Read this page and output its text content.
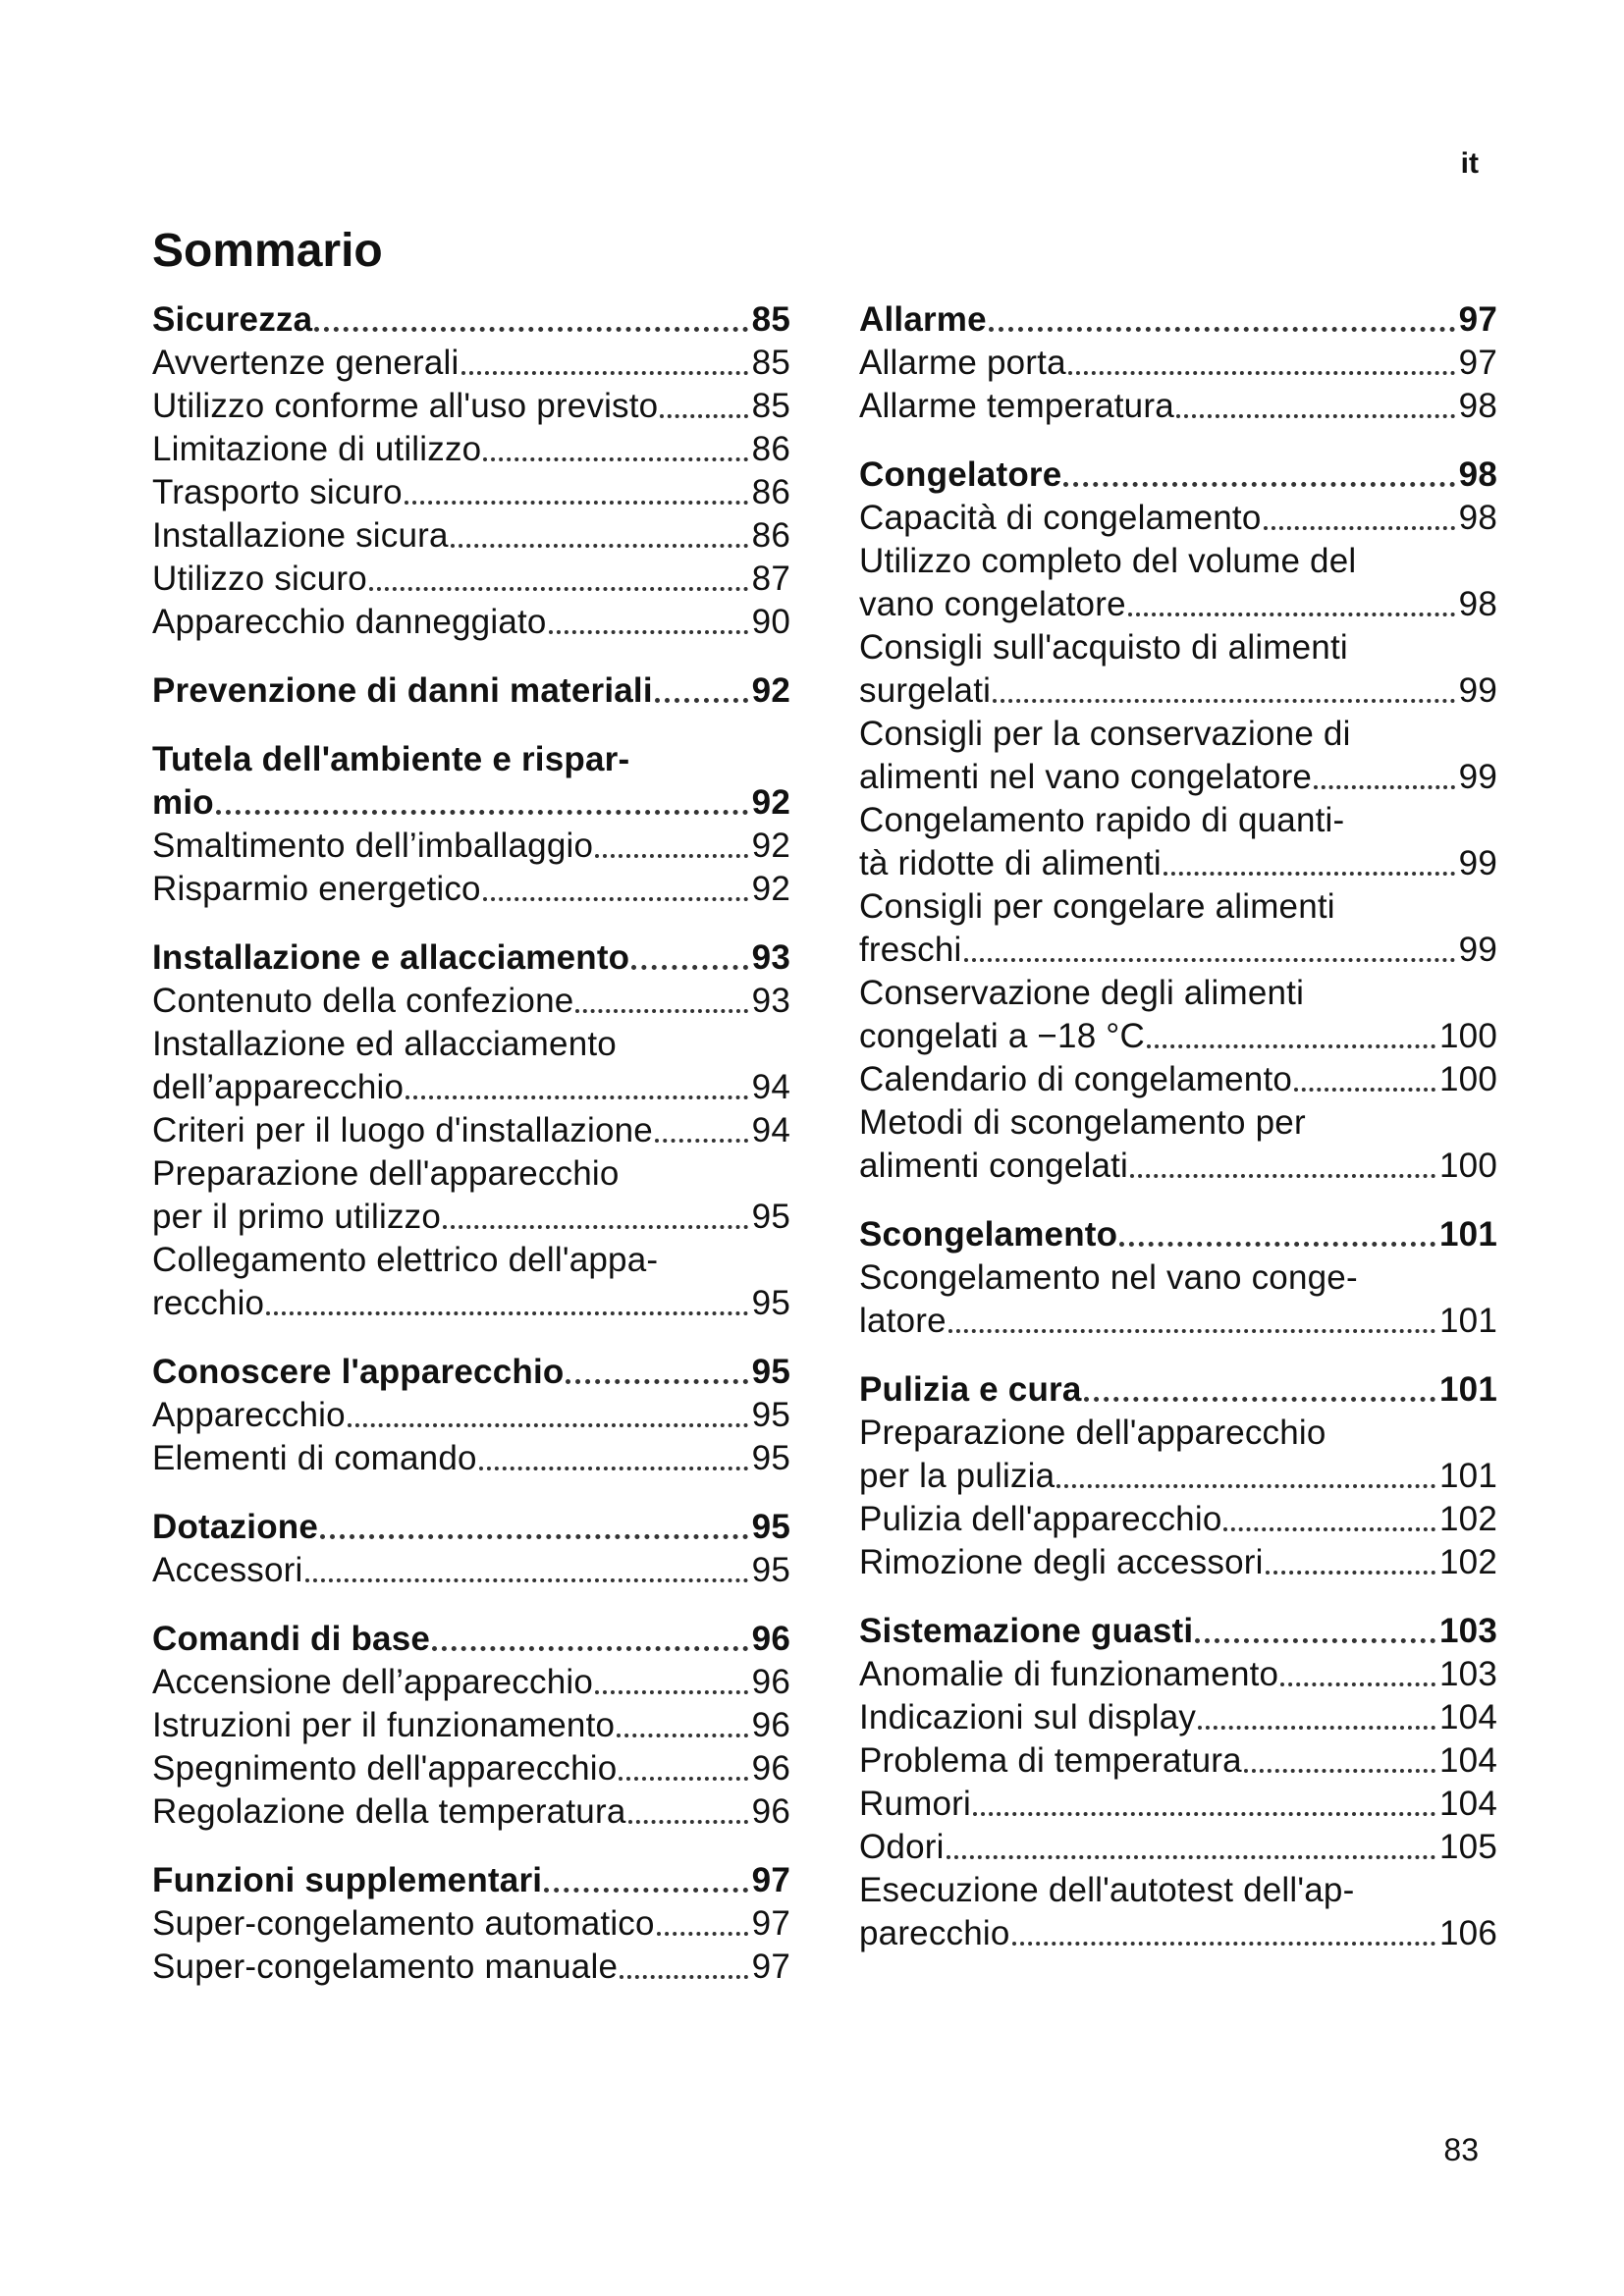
it
Sommario
Sicurezza	85
Avvertenze generali	85
Utilizzo conforme all'uso previsto	85
Limitazione di utilizzo	86
Trasporto sicuro	86
Installazione sicura	86
Utilizzo sicuro	87
Apparecchio danneggiato	90
Prevenzione di danni materiali	92
Tutela dell'ambiente e rispar-
mio	92
Smaltimento dell’imballaggio	92
Risparmio energetico	92
Installazione e allacciamento	93
Contenuto della confezione	93
Installazione ed allacciamento
dell’apparecchio	94
Criteri per il luogo d'installazione	94
Preparazione dell'apparecchio
per il primo utilizzo	95
Collegamento elettrico dell'appa-
recchio	95
Conoscere l'apparecchio	95
Apparecchio	95
Elementi di comando	95
Dotazione	95
Accessori	95
Comandi di base	96
Accensione dell’apparecchio	96
Istruzioni per il funzionamento	96
Spegnimento dell'apparecchio	96
Regolazione della temperatura	96
Funzioni supplementari	97
Super-congelamento automatico	97
Super-congelamento manuale	97
Allarme	97
Allarme porta	97
Allarme temperatura	98
Congelatore	98
Capacità di congelamento	98
Utilizzo completo del volume del
vano congelatore	98
Consigli sull'acquisto di alimenti
surgelati	99
Consigli per la conservazione di
alimenti nel vano congelatore	99
Congelamento rapido di quanti-
tà ridotte di alimenti	99
Consigli per congelare alimenti
freschi	99
Conservazione degli alimenti
congelati a −18 °C	100
Calendario di congelamento	100
Metodi di scongelamento per
alimenti congelati	100
Scongelamento	101
Scongelamento nel vano conge-
latore	101
Pulizia e cura	101
Preparazione dell'apparecchio
per la pulizia	101
Pulizia dell'apparecchio	102
Rimozione degli accessori	102
Sistemazione guasti	103
Anomalie di funzionamento	103
Indicazioni sul display	104
Problema di temperatura	104
Rumori	104
Odori	105
Esecuzione dell'autotest dell'ap-
parecchio	106
83
